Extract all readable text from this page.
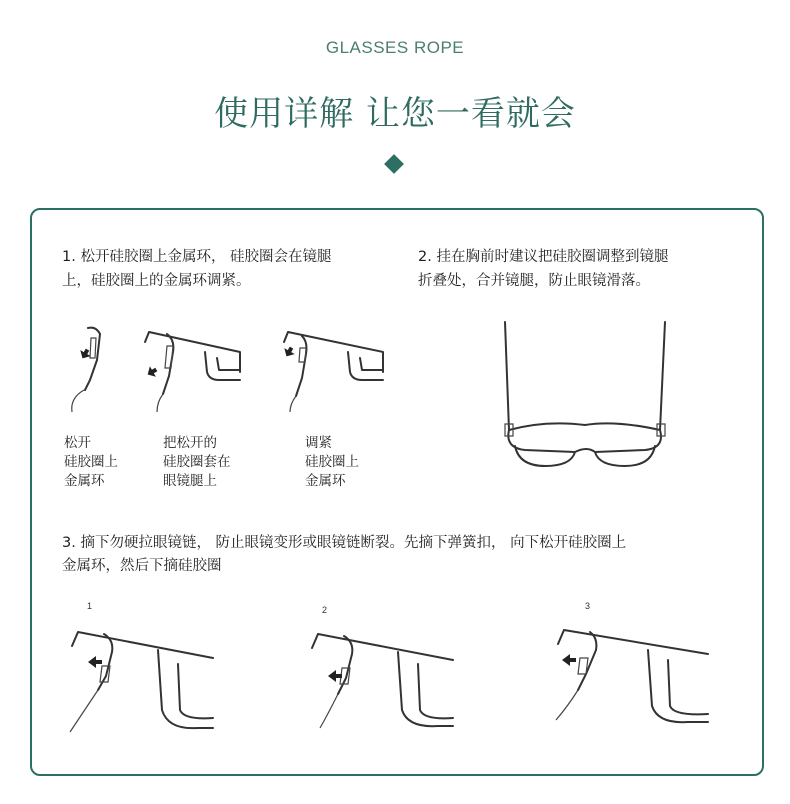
GLASSES ROPE
使用详解 让您一看就会

1. 松开硅胶圈上金属环， 硅胶圈会在镜腿

上，硅胶圈上的金属环调紧。

2. 挂在胸前时建议把硅胶圈调整到镜腿

折叠处，合并镜腿，防止眼镜滑落。

松开
硅胶圈上
金属环

把松开的
硅胶圈套在
眼镜腿上

调紧
硅胶圈上
金属环

3. 摘下勿硬拉眼镜链， 防止眼镜变形或眼镜链断裂。先摘下弹簧扣， 向下松开硅胶圈上

金属环，然后下摘硅胶圈

1	2	3
